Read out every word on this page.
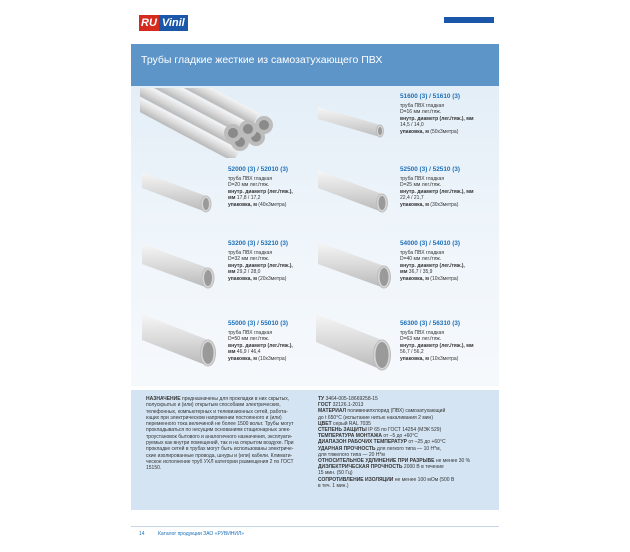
RU Vinil
Трубы гладкие жесткие из самозатухающего ПВХ
51600 (3) / 51610 (3)
труба ПВХ гладкая
D=16 мм лег./тяж.
внутр. диаметр (лег./тяж.), мм
14,5 / 14,0
упаковка, м (50x3метра)
52000 (3) / 52010 (3)
труба ПВХ гладкая
D=20 мм лег./тяж.
внутр. диаметр (лег./тяж.),
мм 17,8 / 17,2
упаковка, м (40x3метра)
52500 (3) / 52510 (3)
труба ПВХ гладкая
D=25 мм лег./тяж.
внутр. диаметр (лег./тяж.), мм
22,4 / 21,7
упаковка, м (30x3метра)
53200 (3) / 53210 (3)
труба ПВХ гладкая
D=32 мм лег./тяж.
внутр. диаметр (лег./тяж.),
мм 29,2 / 28,0
упаковка, м (20x3метра)
54000 (3) / 54010 (3)
труба ПВХ гладкая
D=40 мм лег./тяж.
внутр. диаметр (лег./тяж.),
мм 36,7 / 35,9
упаковка, м (10x3метра)
55000 (3) / 55010 (3)
труба ПВХ гладкая
D=50 мм лег./тяж.
внутр. диаметр (лег./тяж.),
мм 46,9 / 46,4
упаковка, м (10x3метра)
56300 (3) / 56310 (3)
труба ПВХ гладкая
D=63 мм лег./тяж.
внутр. диаметр (лег./тяж.), мм
56,7 / 56,2
упаковка, м (10x3метра)
НАЗНАЧЕНИЕ предназначены для прокладки в них скрытых,
полускрытых и (или) открытым способами электрических,
телефонных, компьютерных и телевизионных сетей, работа-
ющих при электрическом напряжении постоянного и (или)
переменного тока величиной не более 1500 вольт. Трубы могут
прокладываться по несущим основаниям стационарных элек-
троустановок бытового и аналогичного назначения, эксплуати-
руемых как внутри помещений, так и на открытом воздухе. При
прокладке сетей в трубах могут быть использованы электриче-
ские изолированные провода, шнуры и (или) кабели. Климати-
ческое исполнение труб УХЛ категории размещения 2 по ГОСТ
15150.
ТУ 3464-005-18669258-15
ГОСТ 32126.1-2013
МАТЕРИАЛ поливинилхлорид (ПВХ) самозатухающий
до t 650°C (испытание нитью накаливания 2 мин)
ЦВЕТ серый RAL 7035
СТЕПЕНЬ ЗАЩИТЫ IP 65 по ГОСТ 14254 (МЭК 529)
ТЕМПЕРАТУРА МОНТАЖА от –5 до +60°C
ДИАПАЗОН РАБОЧИХ ТЕМПЕРАТУР от –25 до +60°C
УДАРНАЯ ПРОЧНОСТЬ для легкого типа — 10 Н*м,
для тяжелого типа — 20 Н*м
ОТНОСИТЕЛЬНОЕ УДЛИНЕНИЕ ПРИ РАЗРЫВЕ не менее 30 %
ДИЭЛЕКТРИЧЕСКАЯ ПРОЧНОСТЬ 2000 В в течение
15 мин. (50 Гц)
СОПРОТИВЛЕНИЕ ИЗОЛЯЦИИ не менее 100 мОм (500 В
в теч. 1 мин.)
14	Каталог продукции ЗАО «РУВИНИЛ»
